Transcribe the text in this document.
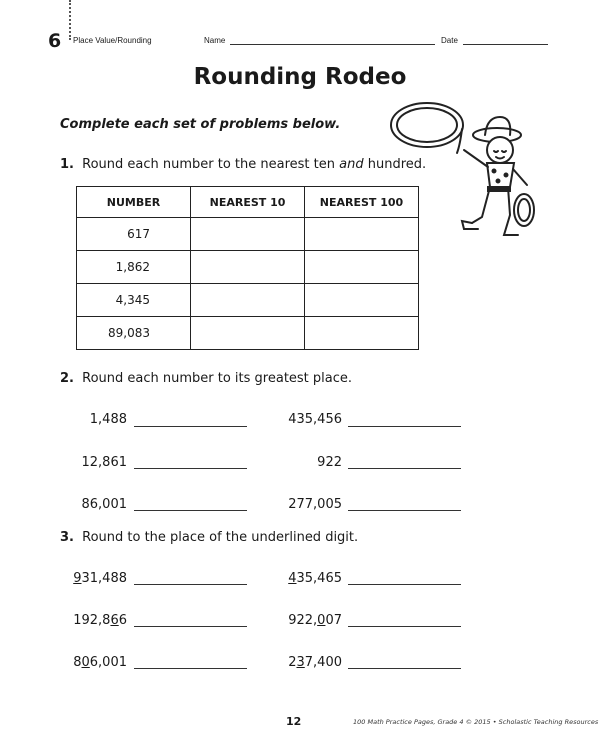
6 Place Value/Rounding	Name	Date
Rounding Rodeo
Complete each set of problems below.
1. Round each number to the nearest ten and hundred.
NUMBER	NEAREST 10	NEAREST 100
617		
1,862		
4,345		
89,083		
2. Round each number to its greatest place.
1,488	435,456
12,861	922
86,001	277,005
3. Round to the place of the underlined digit.
931,488	435,465
192,866	922,007
806,001	237,400
12	100 Math Practice Pages, Grade 4 © 2015 • Scholastic Teaching Resources
